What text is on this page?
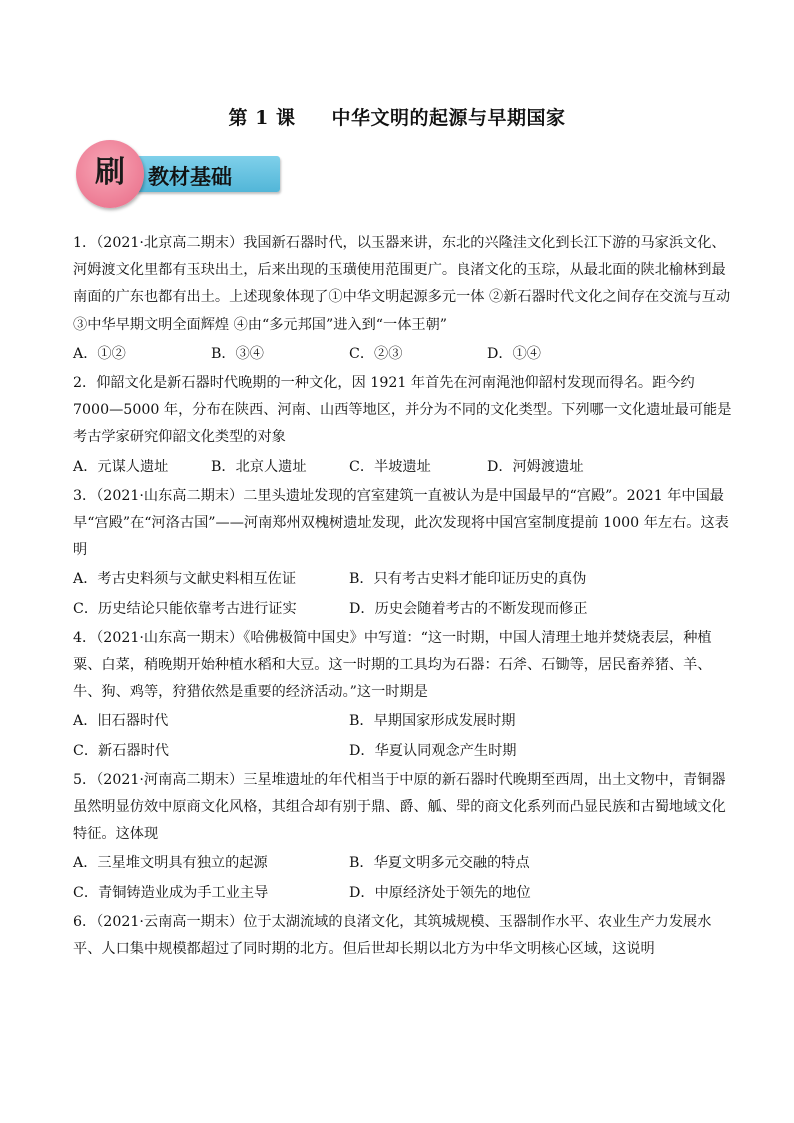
第 1 课 中华文明的起源与早期国家
教材基础
刷

1．（2021·北京高二期末）我国新石器时代，以玉器来讲，东北的兴隆洼文化到长江下游的马家浜文化、河姆渡文化里都有玉玦出土，后来出现的玉璜使用范围更广。良渚文化的玉琮，从最北面的陕北榆林到最南面的广东也都有出土。上述现象体现了①中华文明起源多元一体 ②新石器时代文化之间存在交流与互动 ③中华早期文明全面辉煌 ④由“多元邦国”进入到“一体王朝”

A．①②	B．③④	C．②③	D．①④

2．仰韶文化是新石器时代晚期的一种文化，因 1921 年首先在河南渑池仰韶村发现而得名。距今约 7000—5000 年，分布在陕西、河南、山西等地区，并分为不同的文化类型。下列哪一文化遗址最可能是考古学家研究仰韶文化类型的对象

A．元谋人遗址	B．北京人遗址	C．半坡遗址	D．河姆渡遗址

3．（2021·山东高二期末）二里头遗址发现的宫室建筑一直被认为是中国最早的“宫殿”。2021 年中国最早“宫殿”在“河洛古国”——河南郑州双槐树遗址发现，此次发现将中国宫室制度提前 1000 年左右。这表明

A．考古史料须与文献史料相互佐证	B．只有考古史料才能印证历史的真伪
C．历史结论只能依靠考古进行证实	D．历史会随着考古的不断发现而修正

4．（2021·山东高一期末）《哈佛极简中国史》中写道：“这一时期，中国人清理土地并焚烧表层，种植粟、白菜，稍晚期开始种植水稻和大豆。这一时期的工具均为石器：石斧、石锄等，居民畜养猪、羊、牛、狗、鸡等，狩猎依然是重要的经济活动。”这一时期是

A．旧石器时代	B．早期国家形成发展时期
C．新石器时代	D．华夏认同观念产生时期

5．（2021·河南高二期末）三星堆遗址的年代相当于中原的新石器时代晚期至西周，出土文物中，青铜器虽然明显仿效中原商文化风格，其组合却有别于鼎、爵、觚、斝的商文化系列而凸显民族和古蜀地域文化特征。这体现

A．三星堆文明具有独立的起源	B．华夏文明多元交融的特点
C．青铜铸造业成为手工业主导	D．中原经济处于领先的地位

6．（2021·云南高一期末）位于太湖流域的良渚文化，其筑城规模、玉器制作水平、农业生产力发展水平、人口集中规模都超过了同时期的北方。但后世却长期以北方为中华文明核心区域，这说明
